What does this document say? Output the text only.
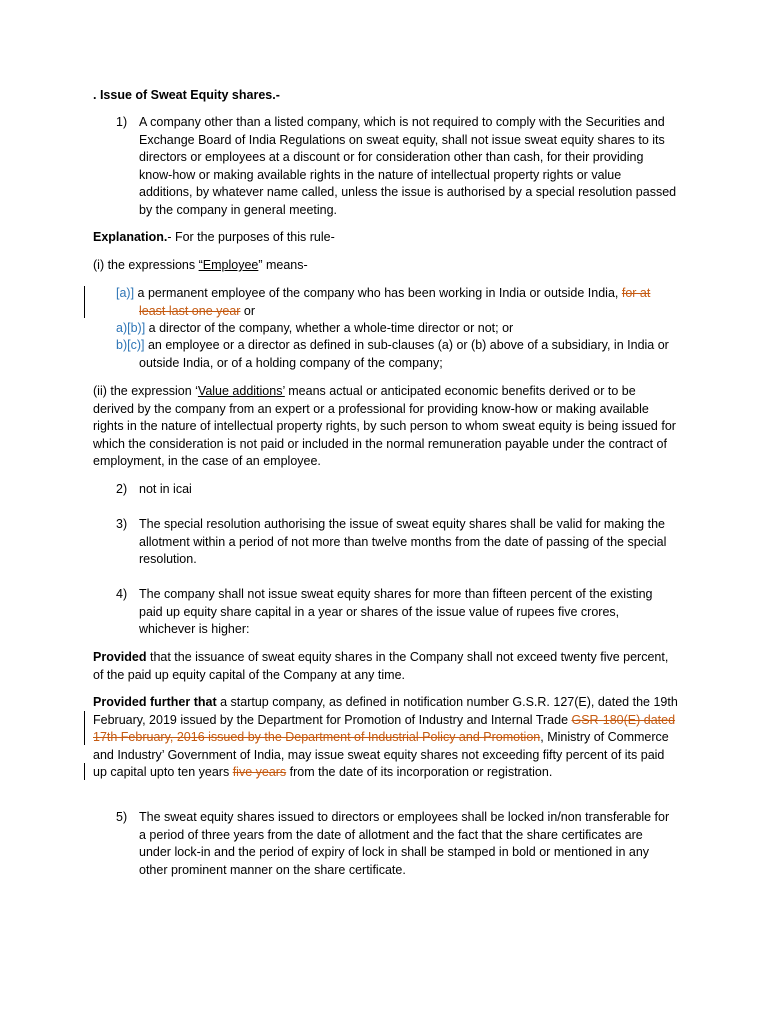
. Issue of Sweat Equity shares.-
1) A company other than a listed company, which is not required to comply with the Securities and Exchange Board of India Regulations on sweat equity, shall not issue sweat equity shares to its directors or employees at a discount or for consideration other than cash, for their providing know-how or making available rights in the nature of intellectual property rights or value additions, by whatever name called, unless the issue is authorised by a special resolution passed by the company in general meeting.
Explanation.- For the purposes of this rule-
(i) the expressions “Employee” means-
[a)] a permanent employee of the company who has been working in India or outside India, for at least last one year or
a)[b)] a director of the company, whether a whole-time director or not; or
b)[c)] an employee or a director as defined in sub-clauses (a) or (b) above of a subsidiary, in India or outside India, or of a holding company of the company;
(ii) the expression ‘Value additions’ means actual or anticipated economic benefits derived or to be derived by the company from an expert or a professional for providing know-how or making available rights in the nature of intellectual property rights, by such person to whom sweat equity is being issued for which the consideration is not paid or included in the normal remuneration payable under the contract of employment, in the case of an employee.
2) not in icai
3) The special resolution authorising the issue of sweat equity shares shall be valid for making the allotment within a period of not more than twelve months from the date of passing of the special resolution.
4) The company shall not issue sweat equity shares for more than fifteen percent of the existing paid up equity share capital in a year or shares of the issue value of rupees five crores, whichever is higher:
Provided that the issuance of sweat equity shares in the Company shall not exceed twenty five percent, of the paid up equity capital of the Company at any time.
Provided further that a startup company, as defined in notification number G.S.R. 127(E), dated the 19th February, 2019 issued by the Department for Promotion of Industry and Internal Trade GSR-180(E) dated 17th February, 2016 issued by the Department of Industrial Policy and Promotion, Ministry of Commerce and Industry’ Government of India, may issue sweat equity shares not exceeding fifty percent of its paid up capital upto ten years five years from the date of its incorporation or registration.
5) The sweat equity shares issued to directors or employees shall be locked in/non transferable for a period of three years from the date of allotment and the fact that the share certificates are under lock-in and the period of expiry of lock in shall be stamped in bold or mentioned in any other prominent manner on the share certificate.
